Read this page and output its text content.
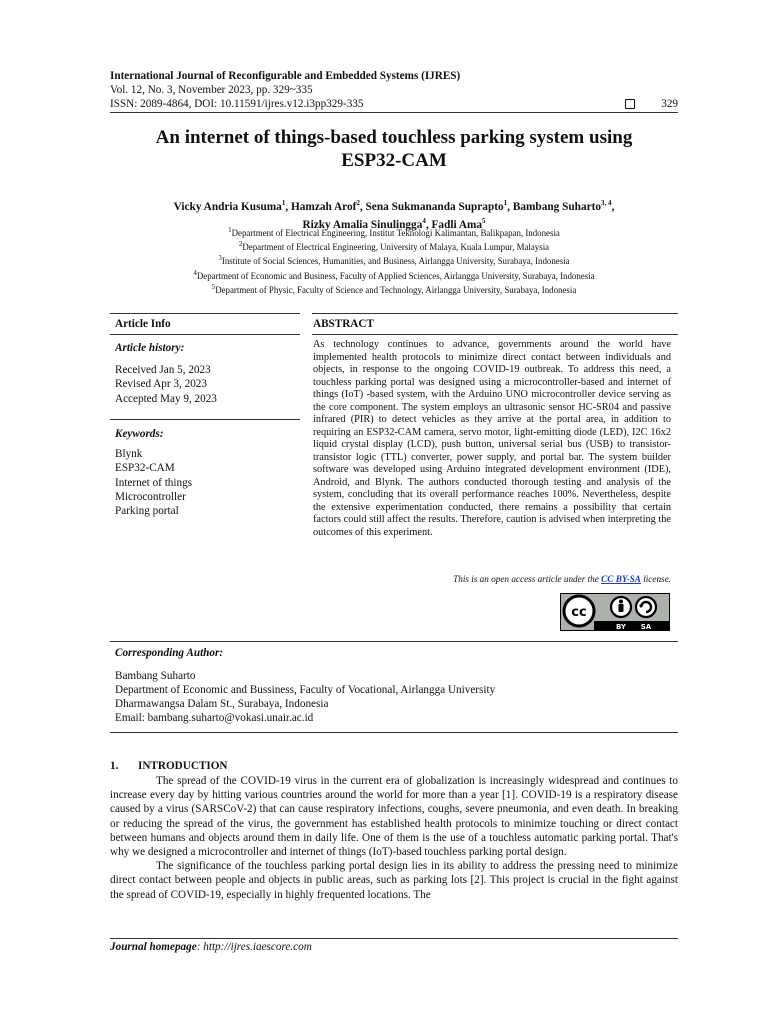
International Journal of Reconfigurable and Embedded Systems (IJRES)
Vol. 12, No. 3, November 2023, pp. 329~335
ISSN: 2089-4864, DOI: 10.11591/ijres.v12.i3pp329-335	329
An internet of things-based touchless parking system using
ESP32-CAM
Vicky Andria Kusuma$^1$, Hamzah Arof$^2$, Sena Sukmananda Suprapto$^1$, Bambang Suharto$^{3, 4}$,
Rizky Amalia Sinulingga$^4$, Fadli Ama$^5$
$^1$Department of Electrical Engineering, Institut Teknologi Kalimantan, Balikpapan, Indonesia
$^2$Department of Electrical Engineering, University of Malaya, Kuala Lumpur, Malaysia
$^3$Institute of Social Sciences, Humanities, and Business, Airlangga University, Surabaya, Indonesia
$^4$Department of Economic and Business, Faculty of Applied Sciences, Airlangga University, Surabaya, Indonesia
$^5$Department of Physic, Faculty of Science and Technology, Airlangga University, Surabaya, Indonesia
Article Info	ABSTRACT
Article history:
Received Jan 5, 2023
Revised Apr 3, 2023
Accepted May 9, 2023
Keywords:
Blynk
ESP32-CAM
Internet of things
Microcontroller
Parking portal
As technology continues to advance, governments around the world have implemented health protocols to minimize direct contact between individuals and objects, in response to the ongoing COVID-19 outbreak. To address this need, a touchless parking portal was designed using a microcontroller-based and internet of things (IoT) -based system, with the Arduino UNO microcontroller device serving as the core component. The system employs an ultrasonic sensor HC-SR04 and passive infrared (PIR) to detect vehicles as they arrive at the portal area, in addition to requiring an ESP32-CAM camera, servo motor, light-emitting diode (LED), I2C 16x2 liquid crystal display (LCD), push button, universal serial bus (USB) to transistor-transistor logic (TTL) converter, power supply, and portal bar. The system builder software was developed using Arduino integrated development environment (IDE), Android, and Blynk. The authors conducted thorough testing and analysis of the system, concluding that its overall performance reaches 100%. Nevertheless, despite the extensive experimentation conducted, there remains a possibility that certain factors could still affect the results. Therefore, caution is advised when interpreting the outcomes of this experiment.
This is an open access article under the CC BY-SA license.
cc
BY SA
Corresponding Author:
Bambang Suharto
Department of Economic and Bussiness, Faculty of Vocational, Airlangga University
Dharmawangsa Dalam St., Surabaya, Indonesia
Email: bambang.suharto@vokasi.unair.ac.id
1. INTRODUCTION

The spread of the COVID-19 virus in the current era of globalization is increasingly widespread and continues to increase every day by hitting various countries around the world for more than a year [1]. COVID-19 is a respiratory disease caused by a virus (SARSCoV-2) that can cause respiratory infections, coughs, severe pneumonia, and even death. In breaking or reducing the spread of the virus, the government has established health protocols to minimize touching or direct contact between humans and objects around them in daily life. One of them is the use of a touchless automatic parking portal. That's why we designed a microcontroller and internet of things (IoT)-based touchless parking portal design.

The significance of the touchless parking portal design lies in its ability to address the pressing need to minimize direct contact between people and objects in public areas, such as parking lots [2]. This project is crucial in the fight against the spread of COVID-19, especially in highly frequented locations. The

Journal homepage: http://ijres.iaescore.com
